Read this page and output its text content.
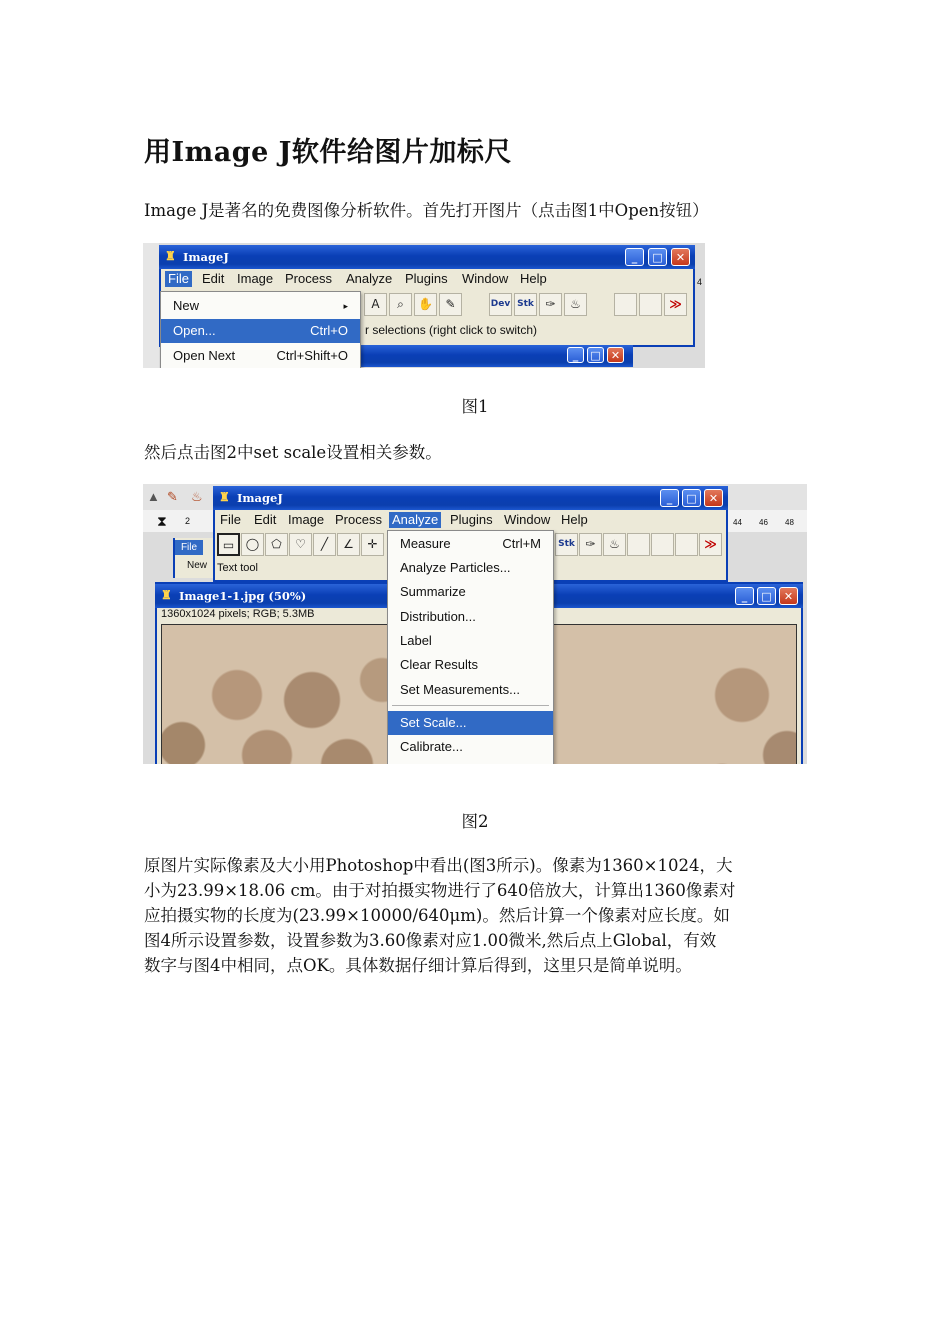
用Image J软件给图片加标尺
Image J是著名的免费图像分析软件。首先打开图片（点击图1中Open按钮）
4
♜ ImageJ	_	□	✕
File Edit Image Process Analyze Plugins Window Help
A	⌕	✋	✎	Dev Stk ✑	♨	≫
r selections (right click to switch)
_	□ ✕
New	▸
Open...	Ctrl+O
Open Next	Ctrl+Shift+O
图1
然后点击图2中set scale设置相关参数。
▲ ✎ ♨
⧗ 2	44 46 48
File
New
♜ ImageJ	_	□	✕
File Edit Image Process Analyze Plugins Window Help
▭ ◯	⬠	♡	╱	∠	✛	Stk ✑	♨	≫
Text tool
♜ Image1-1.jpg (50%)	_	□	✕
1360x1024 pixels; RGB; 5.3MB
Measure	Ctrl+M
Analyze Particles...
Summarize
Distribution...
Label
Clear Results
Set Measurements...
Set Scale...
Calibrate...
图2
原图片实际像素及大小用Photoshop中看出(图3所示)。像素为1360×1024，大
小为23.99×18.06 cm。由于对拍摄实物进行了640倍放大，计算出1360像素对
应拍摄实物的长度为(23.99×10000/640μm)。然后计算一个像素对应长度。如
图4所示设置参数，设置参数为3.60像素对应1.00微米,然后点上Global，有效
数字与图4中相同，点OK。具体数据仔细计算后得到，这里只是简单说明。
